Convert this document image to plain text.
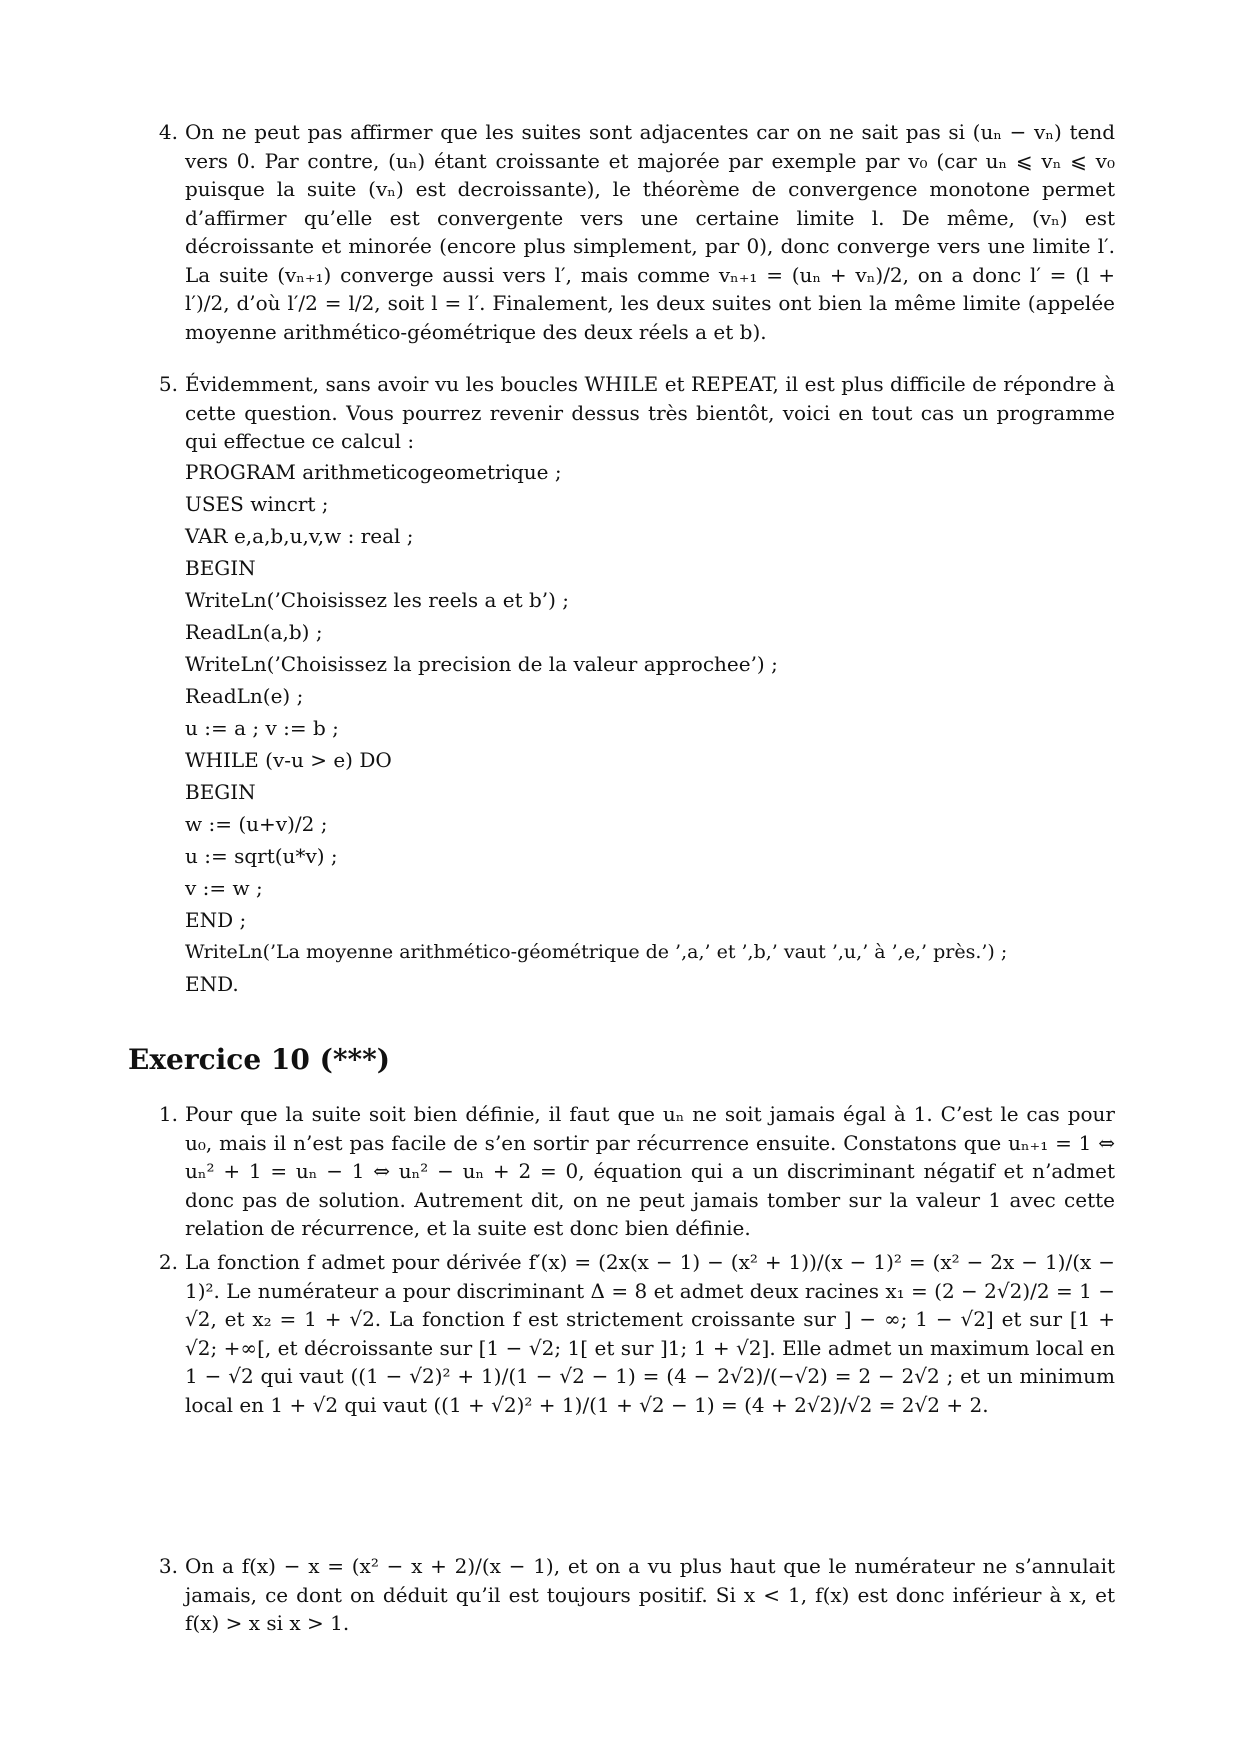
4. On ne peut pas affirmer que les suites sont adjacentes car on ne sait pas si (uₙ − vₙ) tend vers 0. Par contre, (uₙ) étant croissante et majorée par exemple par v₀ (car uₙ ⩽ vₙ ⩽ v₀ puisque la suite (vₙ) est decroissante), le théorème de convergence monotone permet d’affirmer qu’elle est convergente vers une certaine limite l. De même, (vₙ) est décroissante et minorée (encore plus simplement, par 0), donc converge vers une limite l′. La suite (vₙ₊₁) converge aussi vers l′, mais comme vₙ₊₁ = (uₙ + vₙ)/2, on a donc l′ = (l + l′)/2, d’où l′/2 = l/2, soit l = l′. Finalement, les deux suites ont bien la même limite (appelée moyenne arithmético-géométrique des deux réels a et b).
5. Évidemment, sans avoir vu les boucles WHILE et REPEAT, il est plus difficile de répondre à cette question. Vous pourrez revenir dessus très bientôt, voici en tout cas un programme qui effectue ce calcul :
PROGRAM arithmeticogeometrique ;
USES wincrt ;
VAR e,a,b,u,v,w : real ;
BEGIN
WriteLn(’Choisissez les reels a et b’) ;
ReadLn(a,b) ;
WriteLn(’Choisissez la precision de la valeur approchee’) ;
ReadLn(e) ;
u := a ; v := b ;
WHILE (v-u > e) DO
BEGIN
w := (u+v)/2 ;
u := sqrt(u*v) ;
v := w ;
END ;
WriteLn(’La moyenne arithmético-géométrique de ’,a,’ et ’,b,’ vaut ’,u,’ à ’,e,’ près.’) ;
END.
Exercice 10 (***)
1. Pour que la suite soit bien définie, il faut que uₙ ne soit jamais égal à 1. C’est le cas pour u₀, mais il n’est pas facile de s’en sortir par récurrence ensuite. Constatons que uₙ₊₁ = 1 ⇔ uₙ² + 1 = uₙ − 1 ⇔ uₙ² − uₙ + 2 = 0, équation qui a un discriminant négatif et n’admet donc pas de solution. Autrement dit, on ne peut jamais tomber sur la valeur 1 avec cette relation de récurrence, et la suite est donc bien définie.
2. La fonction f admet pour dérivée f′(x) = (2x(x − 1) − (x² + 1))/(x − 1)² = (x² − 2x − 1)/(x − 1)². Le numérateur a pour discriminant Δ = 8 et admet deux racines x₁ = (2 − 2√2)/2 = 1 − √2, et x₂ = 1 + √2. La fonction f est strictement croissante sur ] − ∞; 1 − √2] et sur [1 + √2; +∞[, et décroissante sur [1 − √2; 1[ et sur ]1; 1 + √2]. Elle admet un maximum local en 1 − √2 qui vaut ((1 − √2)² + 1)/(1 − √2 − 1) = (4 − 2√2)/(−√2) = 2 − 2√2 ; et un minimum local en 1 + √2 qui vaut ((1 + √2)² + 1)/(1 + √2 − 1) = (4 + 2√2)/√2 = 2√2 + 2.
3. On a f(x) − x = (x² − x + 2)/(x − 1), et on a vu plus haut que le numérateur ne s’annulait jamais, ce dont on déduit qu’il est toujours positif. Si x < 1, f(x) est donc inférieur à x, et f(x) > x si x > 1.
